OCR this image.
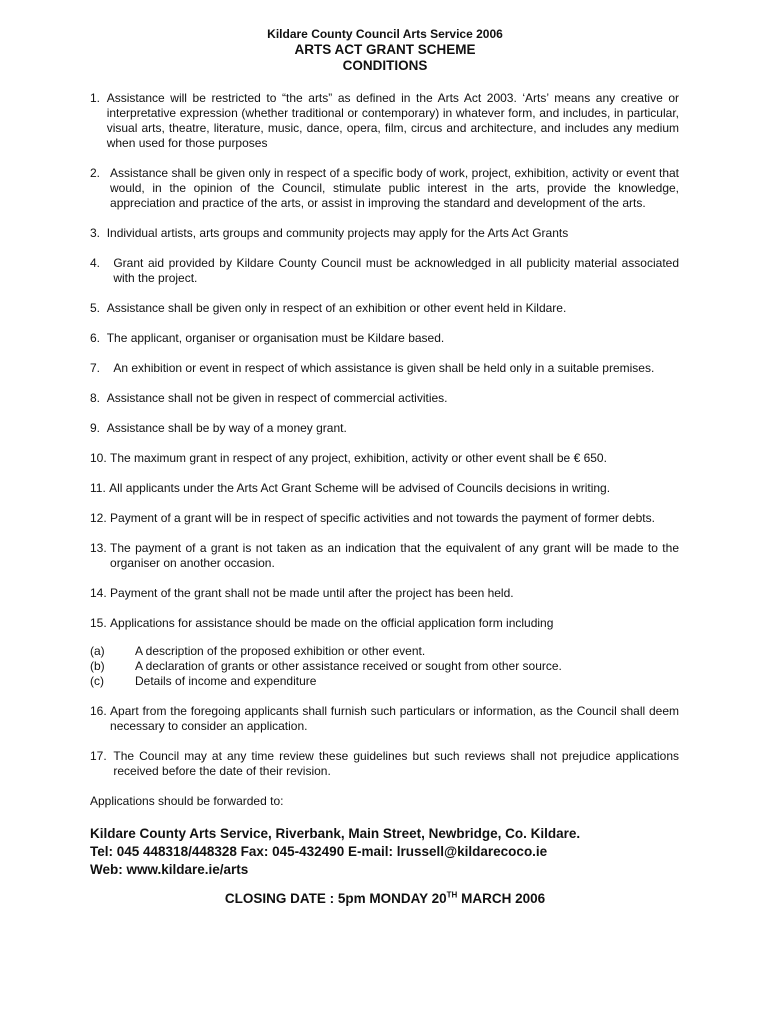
Kildare County Council Arts Service 2006
ARTS ACT GRANT SCHEME
CONDITIONS
1. Assistance will be restricted to “the arts” as defined in the Arts Act 2003. ‘Arts’ means any creative or interpretative expression (whether traditional or contemporary) in whatever form, and includes, in particular, visual arts, theatre, literature, music, dance, opera, film, circus and architecture, and includes any medium when used for those purposes
2. Assistance shall be given only in respect of a specific body of work, project, exhibition, activity or event that would, in the opinion of the Council, stimulate public interest in the arts, provide the knowledge, appreciation and practice of the arts, or assist in improving the standard and development of the arts.
3. Individual artists, arts groups and community projects may apply for the Arts Act Grants
4. Grant aid provided by Kildare County Council must be acknowledged in all publicity material associated with the project.
5. Assistance shall be given only in respect of an exhibition or other event held in Kildare.
6. The applicant, organiser or organisation must be Kildare based.
7. An exhibition or event in respect of which assistance is given shall be held only in a suitable premises.
8. Assistance shall not be given in respect of commercial activities.
9. Assistance shall be by way of a money grant.
10. The maximum grant in respect of any project, exhibition, activity or other event shall be € 650.
11. All applicants under the Arts Act Grant Scheme will be advised of Councils decisions in writing.
12. Payment of a grant will be in respect of specific activities and not towards the payment of former debts.
13. The payment of a grant is not taken as an indication that the equivalent of any grant will be made to the organiser on another occasion.
14. Payment of the grant shall not be made until after the project has been held.
15. Applications for assistance should be made on the official application form including
(a)	A description of the proposed exhibition or other event.
(b)	A declaration of grants or other assistance received or sought from other source.
(c)	Details of income and expenditure
16. Apart from the foregoing applicants shall furnish such particulars or information, as the Council shall deem necessary to consider an application.
17. The Council may at any time review these guidelines but such reviews shall not prejudice applications received before the date of their revision.
Applications should be forwarded to:
Kildare County Arts Service, Riverbank, Main Street, Newbridge, Co. Kildare.
Tel: 045 448318/448328 Fax: 045-432490 E-mail: lrussell@kildarecoco.ie
Web: www.kildare.ie/arts
CLOSING DATE : 5pm MONDAY 20TH MARCH 2006
